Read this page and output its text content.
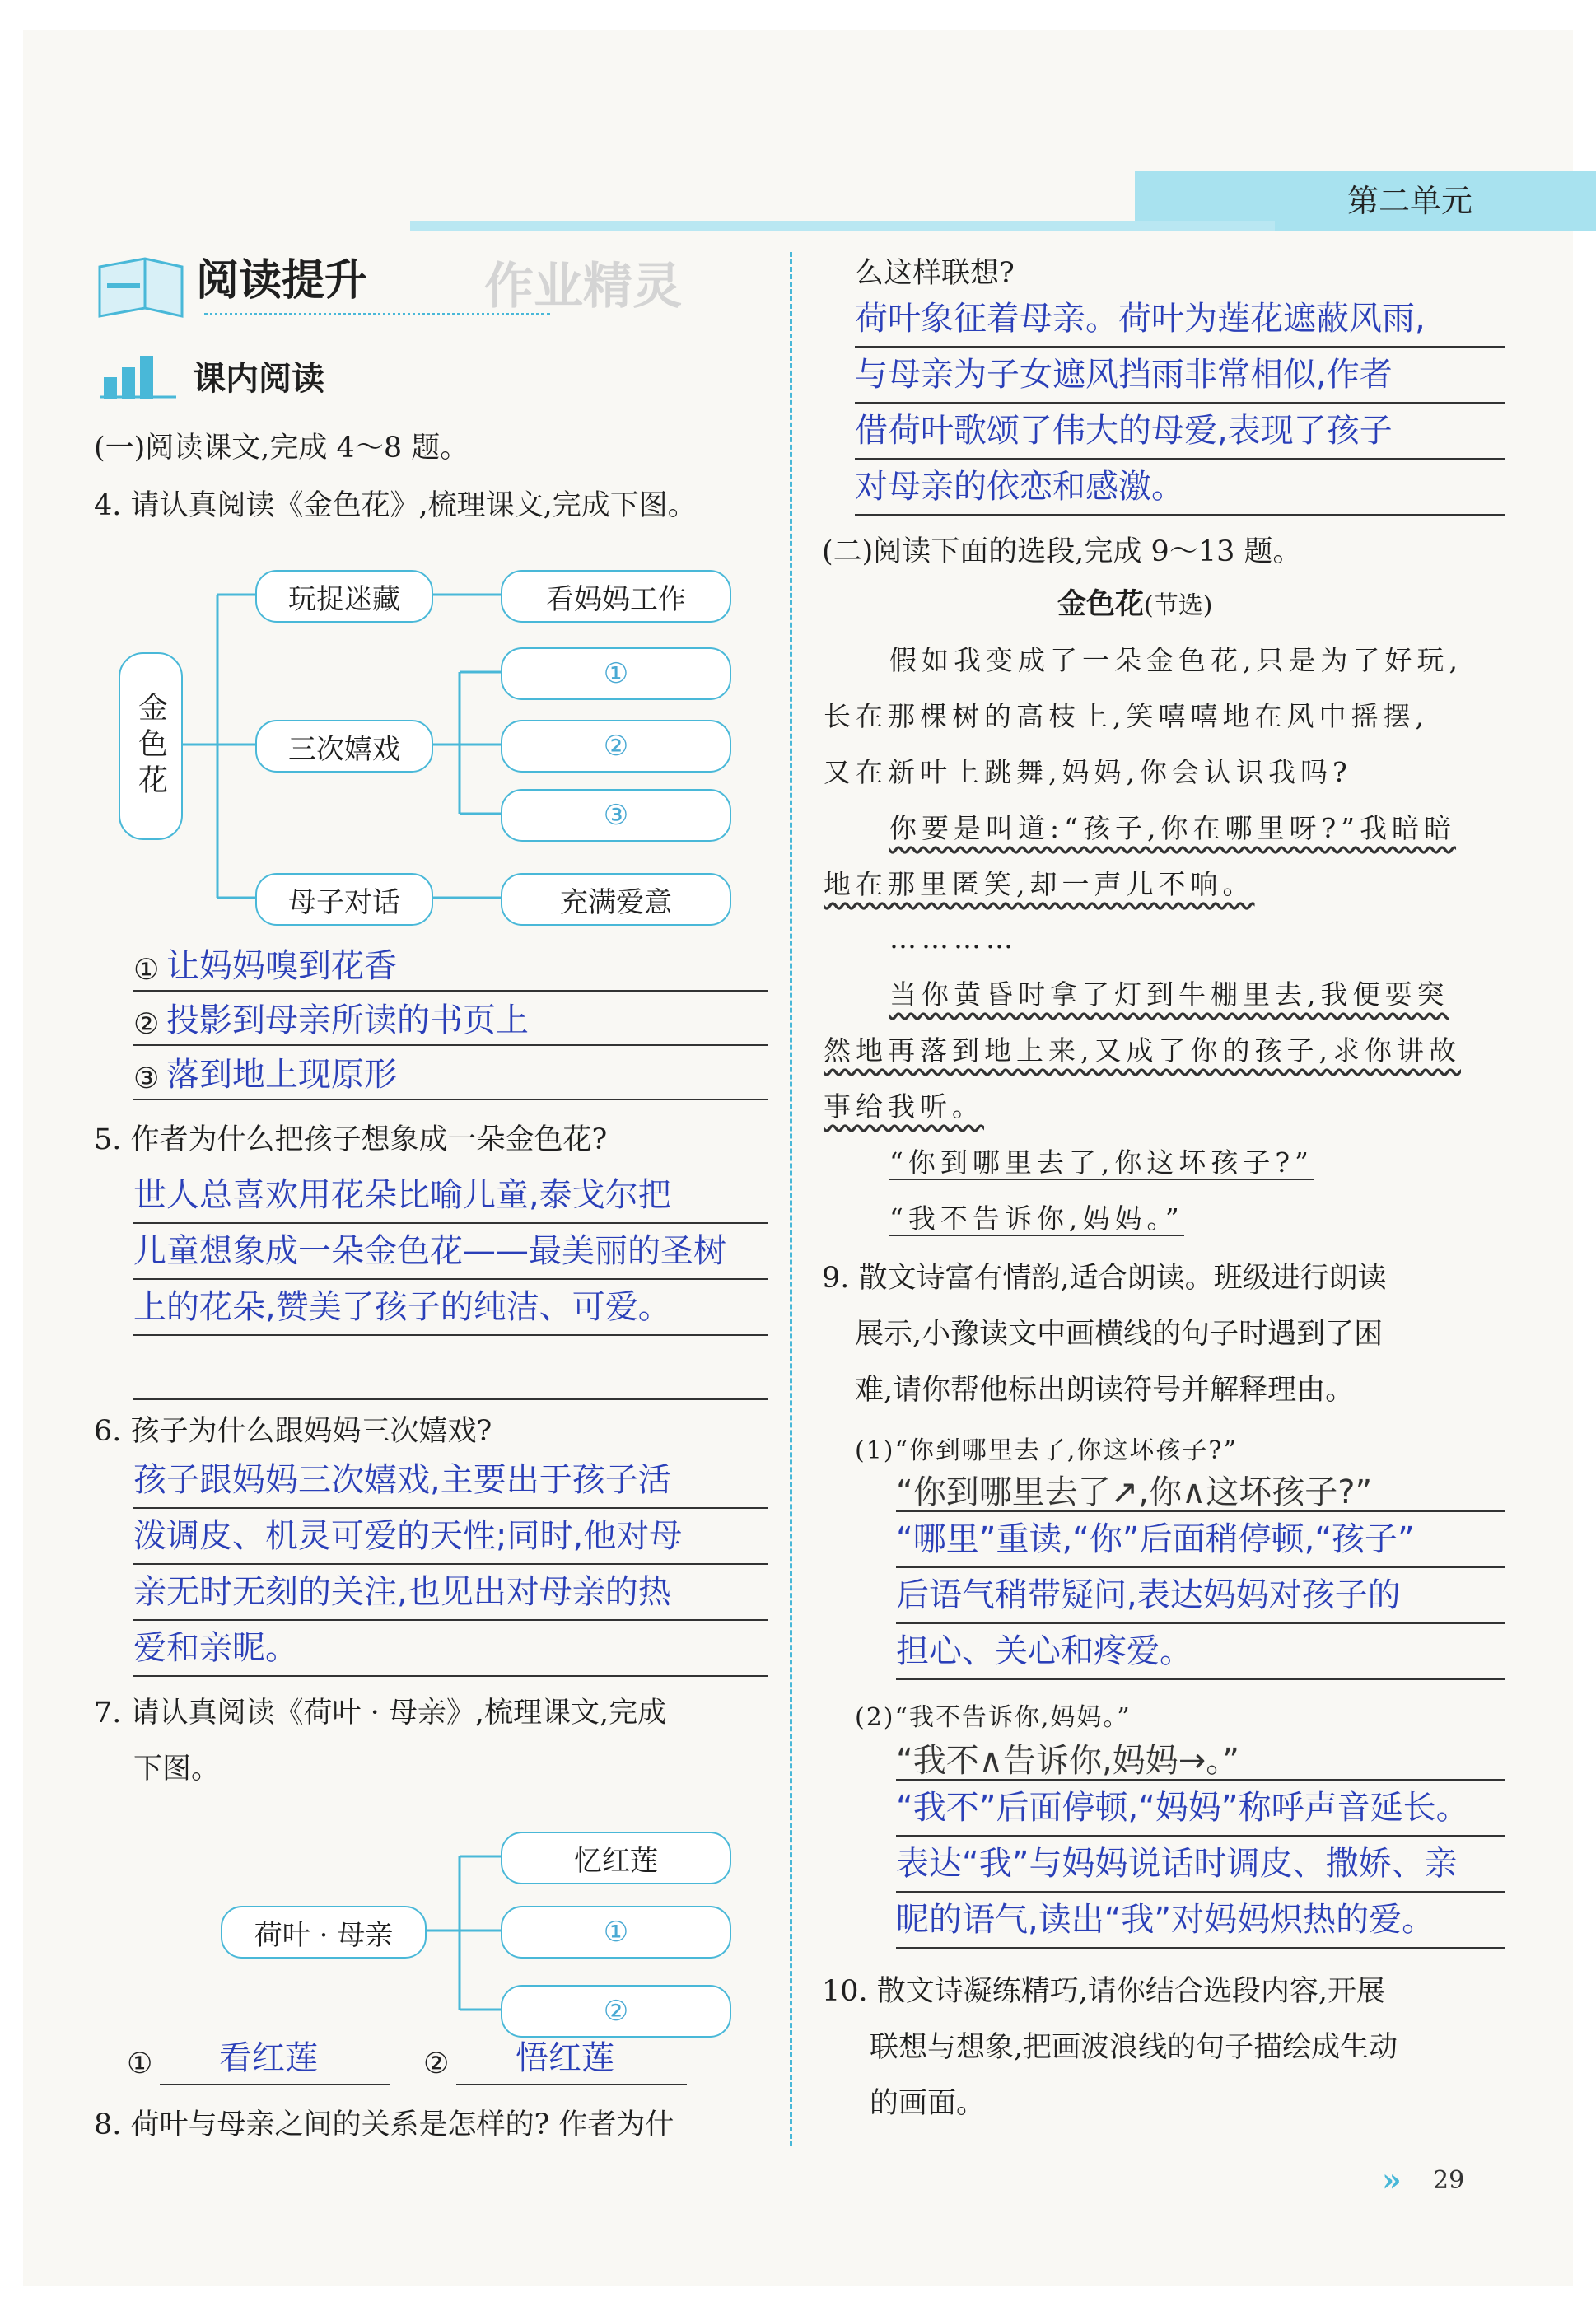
第二单元
阅读提升 作业精灵
课内阅读
(一)阅读课文,完成 4～8 题。
4. 请认真阅读《金色花》,梳理课文,完成下图。
金色花
玩捉迷藏	看妈妈工作
三次嬉戏
①
②
③
母子对话	充满爱意
① 让妈妈嗅到花香
② 投影到母亲所读的书页上
③ 落到地上现原形
5. 作者为什么把孩子想象成一朵金色花?
世人总喜欢用花朵比喻儿童,泰戈尔把
儿童想象成一朵金色花——最美丽的圣树
上的花朵,赞美了孩子的纯洁、可爱。
6. 孩子为什么跟妈妈三次嬉戏?
孩子跟妈妈三次嬉戏,主要出于孩子活
泼调皮、机灵可爱的天性;同时,他对母
亲无时无刻的关注,也见出对母亲的热
爱和亲昵。
7. 请认真阅读《荷叶 · 母亲》,梳理课文,完成
下图。
荷叶 · 母亲
忆红莲
①
②
① 看红莲	② 悟红莲
8. 荷叶与母亲之间的关系是怎样的? 作者为什
么这样联想?
荷叶象征着母亲。荷叶为莲花遮蔽风雨,
与母亲为子女遮风挡雨非常相似,作者
借荷叶歌颂了伟大的母爱,表现了孩子
对母亲的依恋和感激。
(二)阅读下面的选段,完成 9～13 题。
金色花(节选)
假如我变成了一朵金色花,只是为了好玩,
长在那棵树的高枝上,笑嘻嘻地在风中摇摆,
又在新叶上跳舞,妈妈,你会认识我吗?
你要是叫道:“孩子,你在哪里呀?”我暗暗
地在那里匿笑,却一声儿不响。
…………
当你黄昏时拿了灯到牛棚里去,我便要突
然地再落到地上来,又成了你的孩子,求你讲故
事给我听。
“你到哪里去了,你这坏孩子?”
“我不告诉你,妈妈。”
9. 散文诗富有情韵,适合朗读。班级进行朗读
展示,小豫读文中画横线的句子时遇到了困
难,请你帮他标出朗读符号并解释理由。
(1)“你到哪里去了,你这坏孩子?”
“你到哪里去了↗,你∧这坏孩子?”
“哪里”重读,“你”后面稍停顿,“孩子”
后语气稍带疑问,表达妈妈对孩子的
担心、关心和疼爱。
(2)“我不告诉你,妈妈。”
“我不∧告诉你,妈妈→。”
“我不”后面停顿,“妈妈”称呼声音延长。
表达“我”与妈妈说话时调皮、撒娇、亲
昵的语气,读出“我”对妈妈炽热的爱。
10. 散文诗凝练精巧,请你结合选段内容,开展
联想与想象,把画波浪线的句子描绘成生动
的画面。
» 29
